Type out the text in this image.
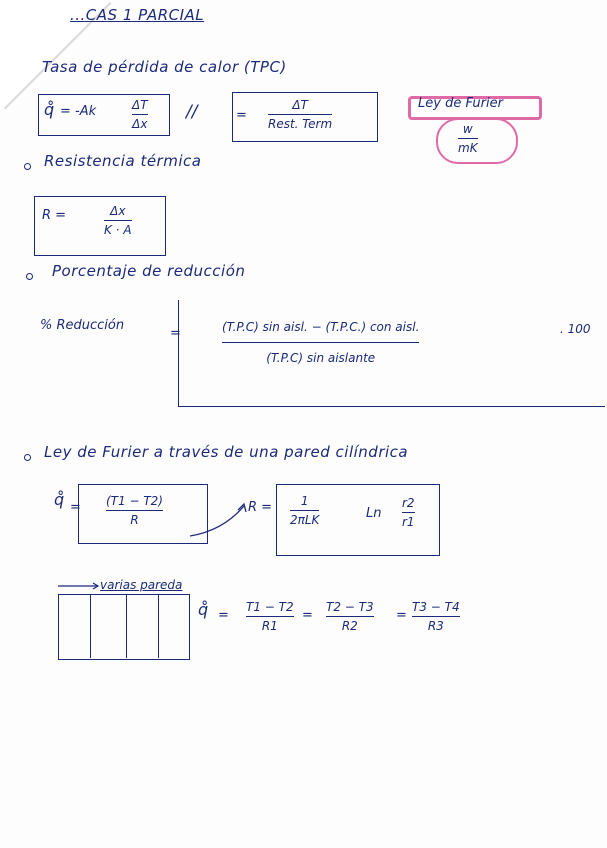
...CAS 1 PARCIAL
Tasa de pérdida de calor (TPC)
q̊ = -Ak	ΔT
Δx
//	=
ΔT
Rest. Term
Ley de Furier
w
mK
Resistencia térmica
R =	Δx
K · A
Porcentaje de reducción
% Reducción
=	(T.P.C) sin aisl. − (T.P.C.) con aisl.
(T.P.C) sin aislante
. 100
Ley de Furier a través de una pared cilíndrica
q̊ = (T1 − T2)
R
R = 1
2πLK	Ln
r2
r1
varias pareda
q̊ =
T1 − T2
R1
=
T2 − T3
R2
=
T3 − T4
R3
